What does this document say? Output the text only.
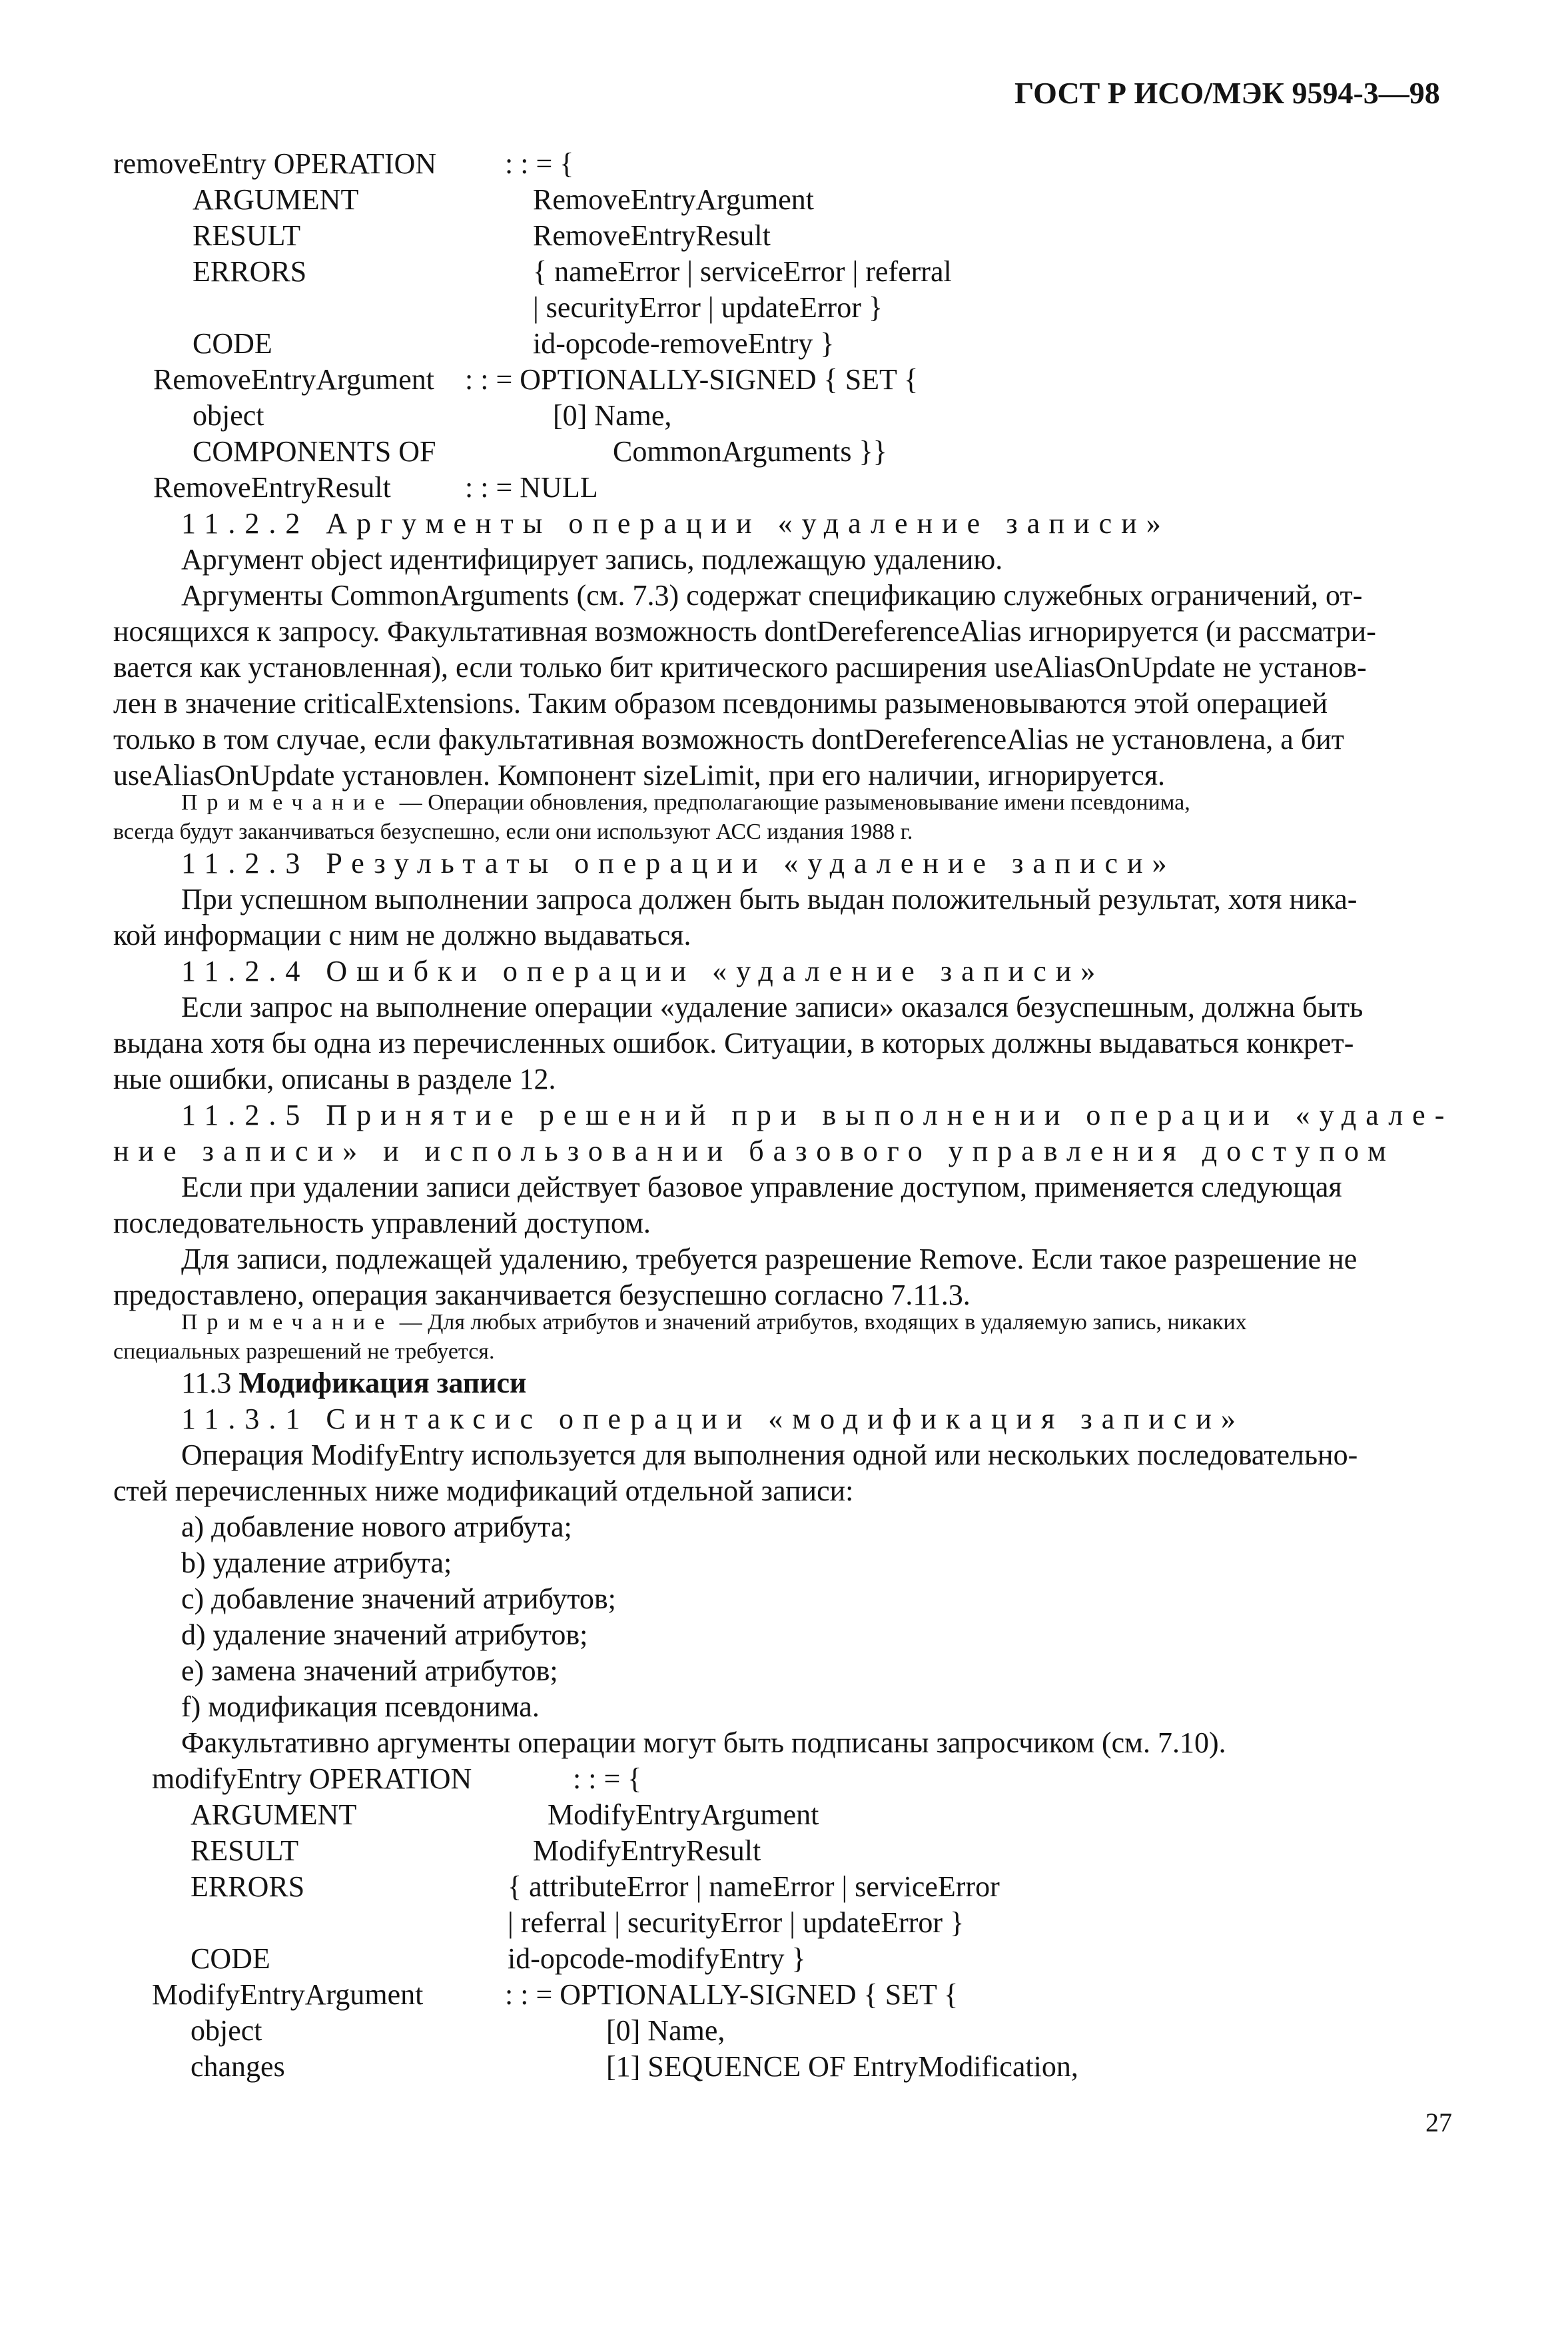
ГОСТ Р ИСО/МЭК 9594-3—98
removeEntry OPERATION : : = {
ARGUMENT	RemoveEntryArgument
RESULT	RemoveEntryResult
ERRORS	{ nameError | serviceError | referral
| securityError | updateError }
CODE	id-opcode-removeEntry }
RemoveEntryArgument : : = OPTIONALLY-SIGNED { SET {
object	[0] Name,
COMPONENTS OF	CommonArguments }}
RemoveEntryResult	: : = NULL
11.2.2 Аргументы операции «удаление записи»
Аргумент object идентифицирует запись, подлежащую удалению.
Аргументы CommonArguments (см. 7.3) содержат спецификацию служебных ограничений, от-
носящихся к запросу. Факультативная возможность dontDereferenceAlias игнорируется (и рассматри-
вается как установленная), если только бит критического расширения useAliasOnUpdate не установ-
лен в значение criticalExtensions. Таким образом псевдонимы разыменовываются этой операцией
только в том случае, если факультативная возможность dontDereferenceAlias не установлена, а бит
useAliasOnUpdate установлен. Компонент sizeLimit, при его наличии, игнорируется.
Примечание — Операции обновления, предполагающие разыменовывание имени псевдонима,
всегда будут заканчиваться безуспешно, если они используют АСС издания 1988 г.
11.2.3 Результаты операции «удаление записи»
При успешном выполнении запроса должен быть выдан положительный результат, хотя ника-
кой информации с ним не должно выдаваться.
11.2.4 Ошибки операции «удаление записи»
Если запрос на выполнение операции «удаление записи» оказался безуспешным, должна быть
выдана хотя бы одна из перечисленных ошибок. Ситуации, в которых должны выдаваться конкрет-
ные ошибки, описаны в разделе 12.
11.2.5 Принятие решений при выполнении операции «удале-
ние записи» и использовании базового управления доступом
Если при удалении записи действует базовое управление доступом, применяется следующая
последовательность управлений доступом.
Для записи, подлежащей удалению, требуется разрешение Remove. Если такое разрешение не
предоставлено, операция заканчивается безуспешно согласно 7.11.3.
Примечание — Для любых атрибутов и значений атрибутов, входящих в удаляемую запись, никаких
специальных разрешений не требуется.
11.3 Модификация записи
11.3.1 Синтаксис операции «модификация записи»
Операция ModifyEntry используется для выполнения одной или нескольких последовательно-
стей перечисленных ниже модификаций отдельной записи:
а) добавление нового атрибута;
b) удаление атрибута;
с) добавление значений атрибутов;
d) удаление значений атрибутов;
е) замена значений атрибутов;
f) модификация псевдонима.
Факультативно аргументы операции могут быть подписаны запросчиком (см. 7.10).
modifyEntry OPERATION	: : = {
ARGUMENT	ModifyEntryArgument
RESULT	ModifyEntryResult
ERRORS	{ attributeError | nameError | serviceError
| referral | securityError | updateError }
CODE	id-opcode-modifyEntry }
ModifyEntryArgument	: : = OPTIONALLY-SIGNED { SET {
object	[0] Name,
changes	[1] SEQUENCE OF EntryModification,
27
